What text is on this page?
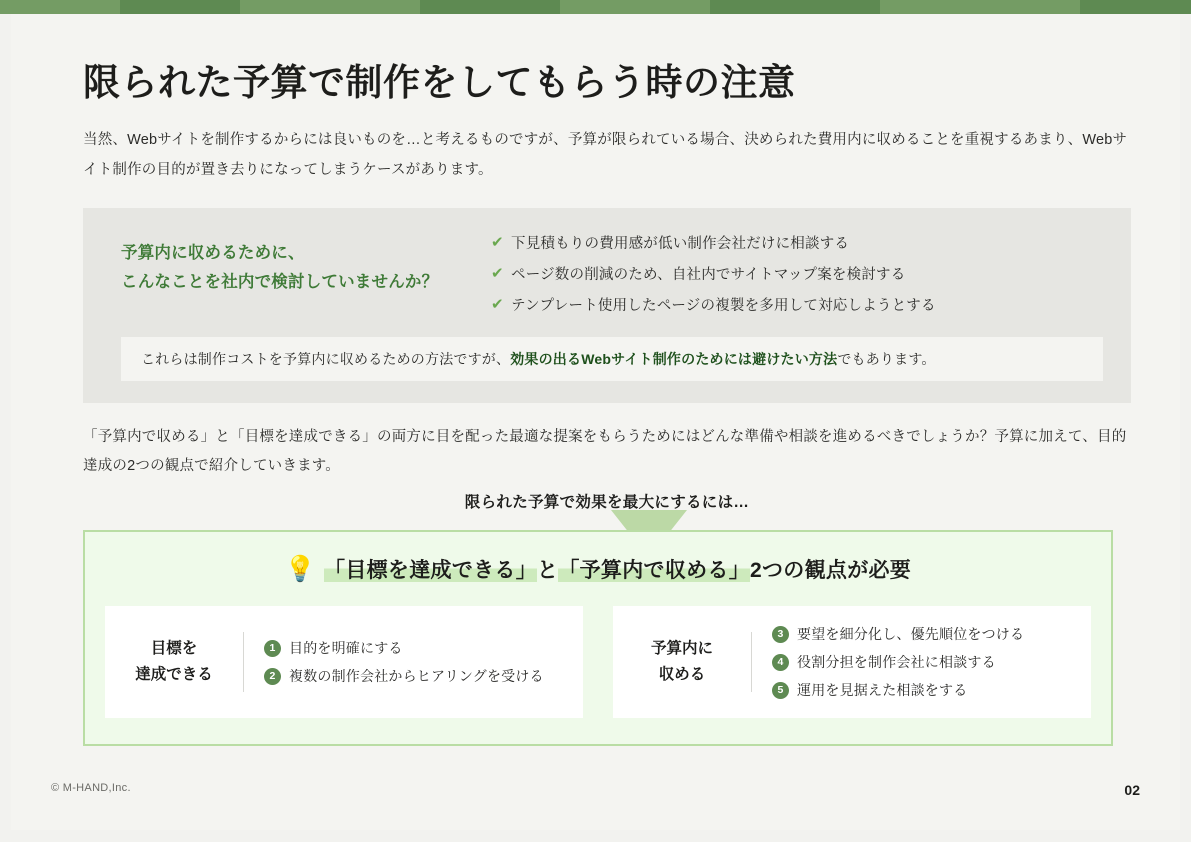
限られた予算で制作をしてもらう時の注意
当然、Webサイトを制作するからには良いものを…と考えるものですが、予算が限られている場合、決められた費用内に収めることを重視するあまり、Webサイト制作の目的が置き去りになってしまうケースがあります。
予算内に収めるために、
こんなことを社内で検討していませんか？
✔ 下見積もりの費用感が低い制作会社だけに相談する
✔ ページ数の削減のため、自社内でサイトマップ案を検討する
✔ テンプレート使用したページの複製を多用して対応しようとする
これらは制作コストを予算内に収めるための方法ですが、効果の出るWebサイト制作のためには避けたい方法でもあります。
「予算内で収める」と「目標を達成できる」の両方に目を配った最適な提案をもらうためにはどんな準備や相談を進めるべきでしょうか？予算に加えて、目的達成の2つの観点で紹介していきます。
限られた予算で効果を最大にするには…
💡 「目標を達成できる」と「予算内で収める」2つの観点が必要
目標を
達成できる
1 目的を明確にする
2 複数の制作会社からヒアリングを受ける
予算内に
収める
3 要望を細分化し、優先順位をつける
4 役割分担を制作会社に相談する
5 運用を見据えた相談をする
© M-HAND,Inc.	02
